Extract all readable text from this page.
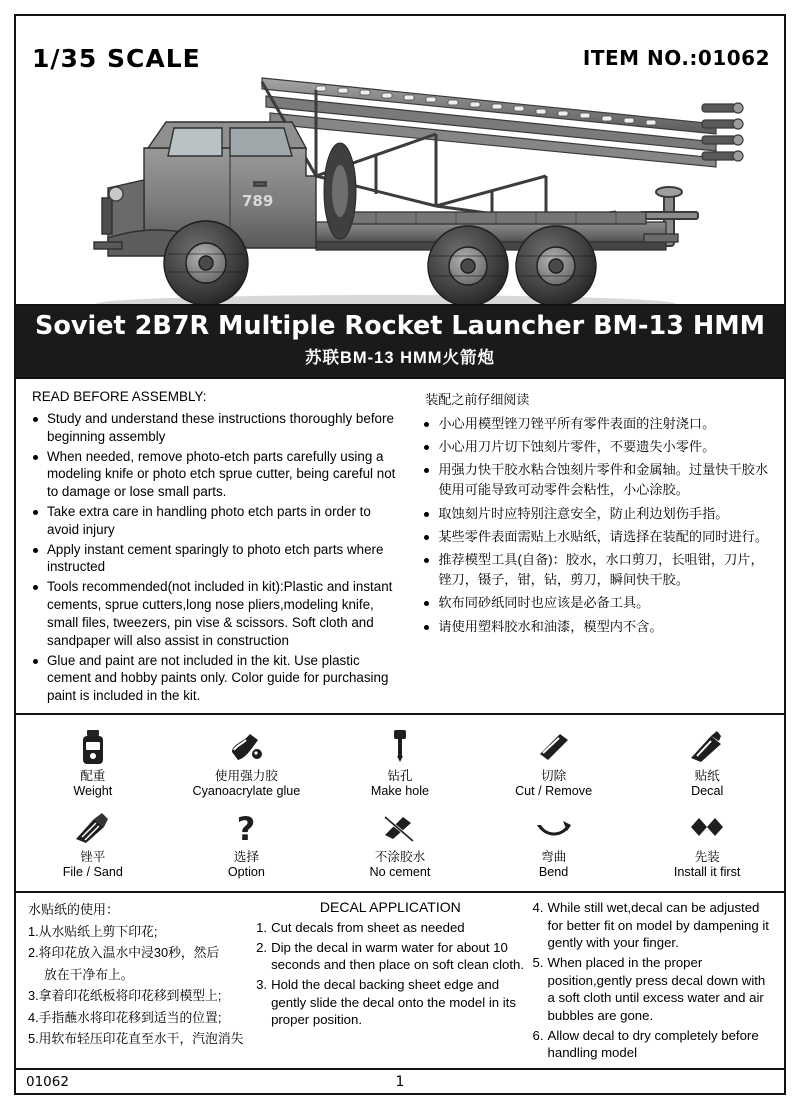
1/35 SCALE	ITEM NO.:01062
789
Soviet 2B7R Multiple Rocket Launcher BM-13 HMM
苏联BM-13 HMM火箭炮
READ BEFORE ASSEMBLY:
Study and understand these instructions thoroughly before beginning assembly
When needed, remove photo-etch parts carefully using a modeling knife or photo etch sprue cutter, being careful not to damage or lose small parts.
Take extra care in handling photo etch parts in order to avoid injury
Apply instant cement sparingly to photo etch parts where instructed
Tools recommended(not included in kit):Plastic and instant cements, sprue cutters,long nose pliers,modeling knife, small files, tweezers, pin vise & scissors. Soft cloth and sandpaper will also assist in construction
Glue and paint are not included in the kit. Use plastic cement and hobby paints only. Color guide for purchasing paint is included in the kit.
装配之前仔细阅读
小心用模型锉刀锉平所有零件表面的注射浇口。
小心用刀片切下蚀刻片零件，不要遗失小零件。
用强力快干胶水粘合蚀刻片零件和金属轴。过量快干胶水使用可能导致可动零件会粘性，小心涂胶。
取蚀刻片时应特别注意安全，防止利边划伤手指。
某些零件表面需贴上水贴纸，请选择在装配的同时进行。
推荐模型工具(自备)：胶水，水口剪刀，长咀钳，刀片，锉刀，镊子，钳，钻，剪刀，瞬间快干胶。
软布同砂纸同时也应该是必备工具。
请使用塑料胶水和油漆，模型内不含。
配重
Weight
使用强力胶
Cyanoacrylate glue
钻孔
Make hole
切除
Cut / Remove
贴纸
Decal
锉平
File / Sand
?
选择
Option
不涂胶水
No cement
弯曲
Bend
先装
Install it first
水贴纸的使用：
1.从水贴纸上剪下印花;
2.将印花放入温水中浸30秒，然后
放在干净布上。
3.拿着印花纸板将印花移到模型上;
4.手指蘸水将印花移到适当的位置;
5.用软布轻压印花直至水干，汽泡消失
DECAL APPLICATION
1. Cut decals from sheet as needed
2. Dip the decal in warm water for about 10 seconds and then place on soft clean cloth.
3. Hold the decal backing sheet edge and gently slide the decal onto the model in its proper position.
4. While still wet,decal can be adjusted for better fit on model by dampening it gently with your finger.
5. When placed in the proper position,gently press decal down with a soft cloth until excess water and air bubbles are gone.
6. Allow decal to dry completely before handling model
01062	1
